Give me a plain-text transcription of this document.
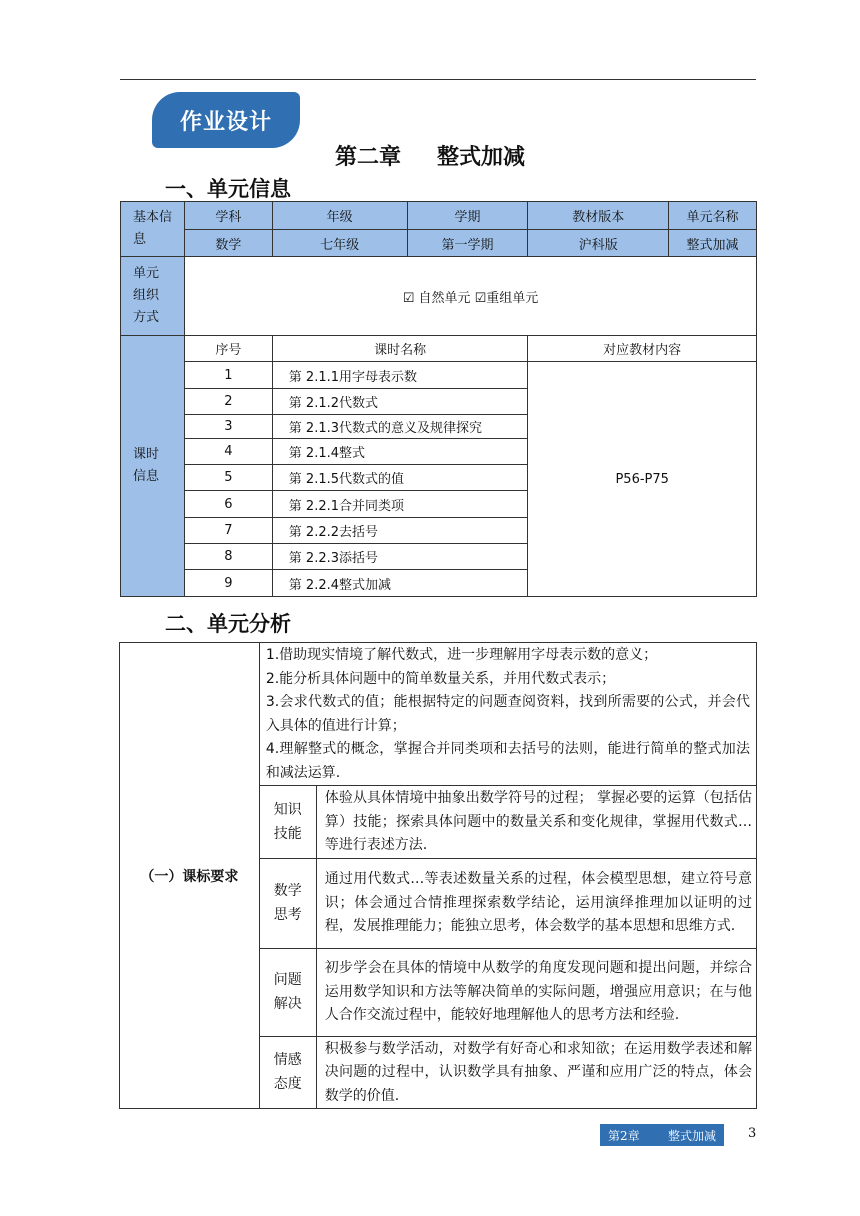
作业设计
第二章 整式加减
一、单元信息
基本信息	学科	年级	学期	教材版本	单元名称
	数学	七年级	第一学期	沪科版	整式加减
单元组织方式	☑ 自然单元 ☑重组单元				
课时信息	序号	课时名称		对应教材内容	
	1	第 2.1.1用字母表示数		P56-P75	
	2	第 2.1.2代数式			
	3	第 2.1.3代数式的意义及规律探究			
	4	第 2.1.4整式			
	5	第 2.1.5代数式的值			
	6	第 2.2.1合并同类项			
	7	第 2.2.2去括号			
	8	第 2.2.3添括号			
	9	第 2.2.4整式加减			
二、单元分析
（一）课标要求	1.借助现实情境了解代数式，进一步理解用字母表示数的意义；
2.能分析具体问题中的简单数量关系，并用代数式表示；
3.会求代数式的值；能根据特定的问题查阅资料，找到所需要的公式，并会代入具体的值进行计算；
4.理解整式的概念，掌握合并同类项和去括号的法则，能进行简单的整式加法和减法运算.	

	知识技能	体验从具体情境中抽象出数学符号的过程； 掌握必要的运算（包括估算）技能；探索具体问题中的数量关系和变化规律，掌握用代数式…等进行表述方法.
	数学思考	通过用代数式…等表述数量关系的过程，体会模型思想，建立符号意识；体会通过合情推理探索数学结论，运用演绎推理加以证明的过程，发展推理能力；能独立思考，体会数学的基本思想和思维方式.
	问题解决	初步学会在具体的情境中从数学的角度发现问题和提出问题，并综合运用数学知识和方法等解决简单的实际问题，增强应用意识；在与他人合作交流过程中，能较好地理解他人的思考方法和经验.
	情感态度	积极参与数学活动，对数学有好奇心和求知欲；在运用数学表述和解决问题的过程中，认识数学具有抽象、严谨和应用广泛的特点，体会数学的价值.
第2章 整式加减 3
